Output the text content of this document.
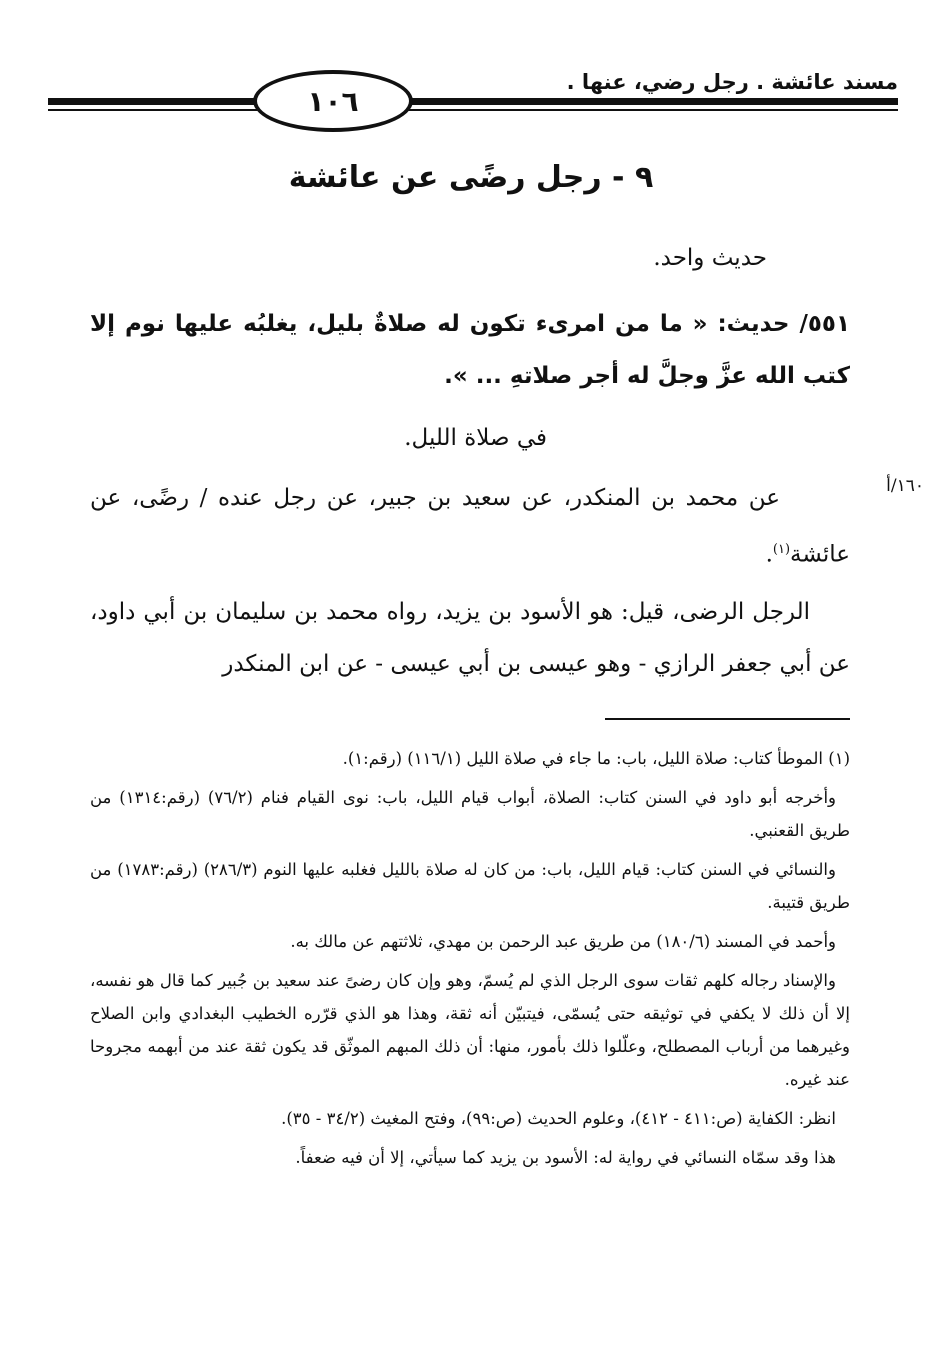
مسند عائشة . رجل رضي، عنها .
١٠٦
٩ - رجل رضًى عن عائشة
حديث واحد.
٥٥١/ حديث: « ما من امرىء تكون له صلاةٌ بليل، يغلبُه عليها نوم إلا كتب الله عزَّ وجلَّ له أجر صلاتهِ ... ».
في صلاة الليل.
عن محمد بن المنكدر، عن سعيد بن جبير، عن رجل عنده / رضًى، عن عائشة$^{(١)}$.
١٦٠/أ
الرجل الرضى، قيل: هو الأسود بن يزيد، رواه محمد بن سليمان بن أبي داود، عن أبي جعفر الرازي - وهو عيسى بن أبي عيسى - عن ابن المنكدر

(١) الموطأ كتاب: صلاة الليل، باب: ما جاء في صلاة الليل (١١٦/١) (رقم:١).

وأخرجه أبو داود في السنن كتاب: الصلاة، أبواب قيام الليل، باب: نوى القيام فنام (٧٦/٢) (رقم:١٣١٤) من طريق القعنبي.

والنسائي في السنن كتاب: قيام الليل، باب: من كان له صلاة بالليل فغلبه عليها النوم (٢٨٦/٣) (رقم:١٧٨٣) من طريق قتيبة.

وأحمد في المسند (١٨٠/٦) من طريق عبد الرحمن بن مهدي، ثلاثتهم عن مالك به.

والإسناد رجاله كلهم ثقات سوى الرجل الذي لم يُسمّ، وهو وإن كان رضىً عند سعيد بن جُبير كما قال هو نفسه، إلا أن ذلك لا يكفي في توثيقه حتى يُسمّى، فيتبيّن أنه ثقة، وهذا هو الذي قرّره الخطيب البغدادي وابن الصلاح وغيرهما من أرباب المصطلح، وعلّلوا ذلك بأمور، منها: أن ذلك المبهم الموثّق قد يكون ثقة عند من أبهمه مجروحا عند غيره.

انظر: الكفاية (ص:٤١١ - ٤١٢)، وعلوم الحديث (ص:٩٩)، وفتح المغيث (٣٤/٢ - ٣٥).

هذا وقد سمّاه النسائي في رواية له: الأسود بن يزيد كما سيأتي، إلا أن فيه ضعفاً.
